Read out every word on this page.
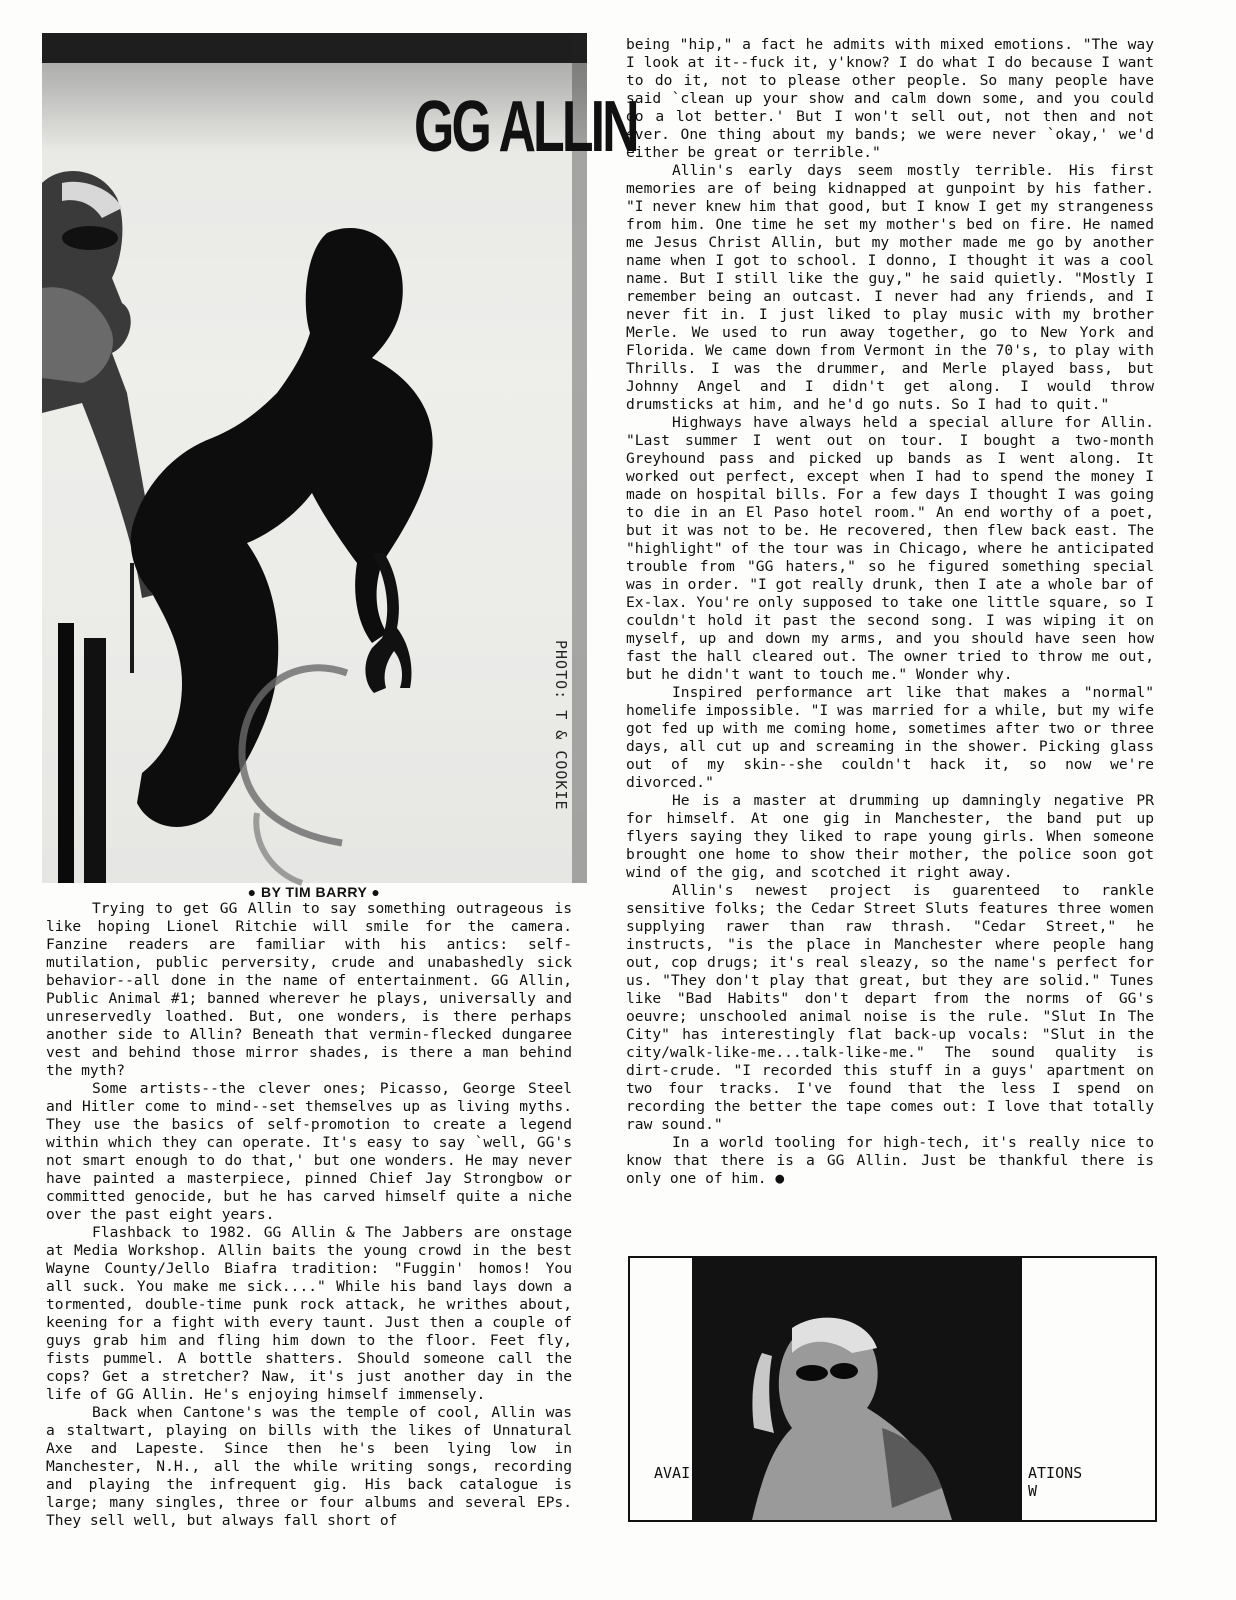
GG ALLIN
PHOTO: T & COOKIE
● BY TIM BARRY ●

Trying to get GG Allin to say something outrageous is like hoping Lionel Ritchie will smile for the camera. Fanzine readers are familiar with his antics: self-mutilation, public perversity, crude and unabashedly sick behavior--all done in the name of entertainment. GG Allin, Public Animal #1; banned wherever he plays, universally and unreservedly loathed. But, one wonders, is there perhaps another side to Allin? Beneath that vermin-flecked dungaree vest and behind those mirror shades, is there a man behind the myth?

Some artists--the clever ones; Picasso, George Steel and Hitler come to mind--set themselves up as living myths. They use the basics of self-promotion to create a legend within which they can operate. It's easy to say `well, GG's not smart enough to do that,' but one wonders. He may never have painted a masterpiece, pinned Chief Jay Strongbow or committed genocide, but he has carved himself quite a niche over the past eight years.

Flashback to 1982. GG Allin & The Jabbers are onstage at Media Workshop. Allin baits the young crowd in the best Wayne County/Jello Biafra tradition: "Fuggin' homos! You all suck. You make me sick...." While his band lays down a tormented, double-time punk rock attack, he writhes about, keening for a fight with every taunt. Just then a couple of guys grab him and fling him down to the floor. Feet fly, fists pummel. A bottle shatters. Should someone call the cops? Get a stretcher? Naw, it's just another day in the life of GG Allin. He's enjoying himself immensely.

Back when Cantone's was the temple of cool, Allin was a staltwart, playing on bills with the likes of Unnatural Axe and Lapeste. Since then he's been lying low in Manchester, N.H., all the while writing songs, recording and playing the infrequent gig. His back catalogue is large; many singles, three or four albums and several EPs. They sell well, but always fall short of

being "hip," a fact he admits with mixed emotions. "The way I look at it--fuck it, y'know? I do what I do because I want to do it, not to please other people. So many people have said `clean up your show and calm down some, and you could do a lot better.' But I won't sell out, not then and not ever. One thing about my bands; we were never `okay,' we'd either be great or terrible."

Allin's early days seem mostly terrible. His first memories are of being kidnapped at gunpoint by his father. "I never knew him that good, but I know I get my strangeness from him. One time he set my mother's bed on fire. He named me Jesus Christ Allin, but my mother made me go by another name when I got to school. I donno, I thought it was a cool name. But I still like the guy," he said quietly. "Mostly I remember being an outcast. I never had any friends, and I never fit in. I just liked to play music with my brother Merle. We used to run away together, go to New York and Florida. We came down from Vermont in the 70's, to play with Thrills. I was the drummer, and Merle played bass, but Johnny Angel and I didn't get along. I would throw drumsticks at him, and he'd go nuts. So I had to quit."

Highways have always held a special allure for Allin. "Last summer I went out on tour. I bought a two-month Greyhound pass and picked up bands as I went along. It worked out perfect, except when I had to spend the money I made on hospital bills. For a few days I thought I was going to die in an El Paso hotel room." An end worthy of a poet, but it was not to be. He recovered, then flew back east. The "highlight" of the tour was in Chicago, where he anticipated trouble from "GG haters," so he figured something special was in order. "I got really drunk, then I ate a whole bar of Ex-lax. You're only supposed to take one little square, so I couldn't hold it past the second song. I was wiping it on myself, up and down my arms, and you should have seen how fast the hall cleared out. The owner tried to throw me out, but he didn't want to touch me." Wonder why.

Inspired performance art like that makes a "normal" homelife impossible. "I was married for a while, but my wife got fed up with me coming home, sometimes after two or three days, all cut up and screaming in the shower. Picking glass out of my skin--she couldn't hack it, so now we're divorced."

He is a master at drumming up damningly negative PR for himself. At one gig in Manchester, the band put up flyers saying they liked to rape young girls. When someone brought one home to show their mother, the police soon got wind of the gig, and scotched it right away.

Allin's newest project is guarenteed to rankle sensitive folks; the Cedar Street Sluts features three women supplying rawer than raw thrash. "Cedar Street," he instructs, "is the place in Manchester where people hang out, cop drugs; it's real sleazy, so the name's perfect for us. "They don't play that great, but they are solid." Tunes like "Bad Habits" don't depart from the norms of GG's oeuvre; unschooled animal noise is the rule. "Slut In The City" has interestingly flat back-up vocals: "Slut in the city/walk-like-me...talk-like-me." The sound quality is dirt-crude. "I recorded this stuff in a guys' apartment on two four tracks. I've found that the less I spend on recording the better the tape comes out: I love that totally raw sound."

In a world tooling for high-tech, it's really nice to know that there is a GG Allin. Just be thankful there is only one of him. ●

AVAI	ATIONS
W
